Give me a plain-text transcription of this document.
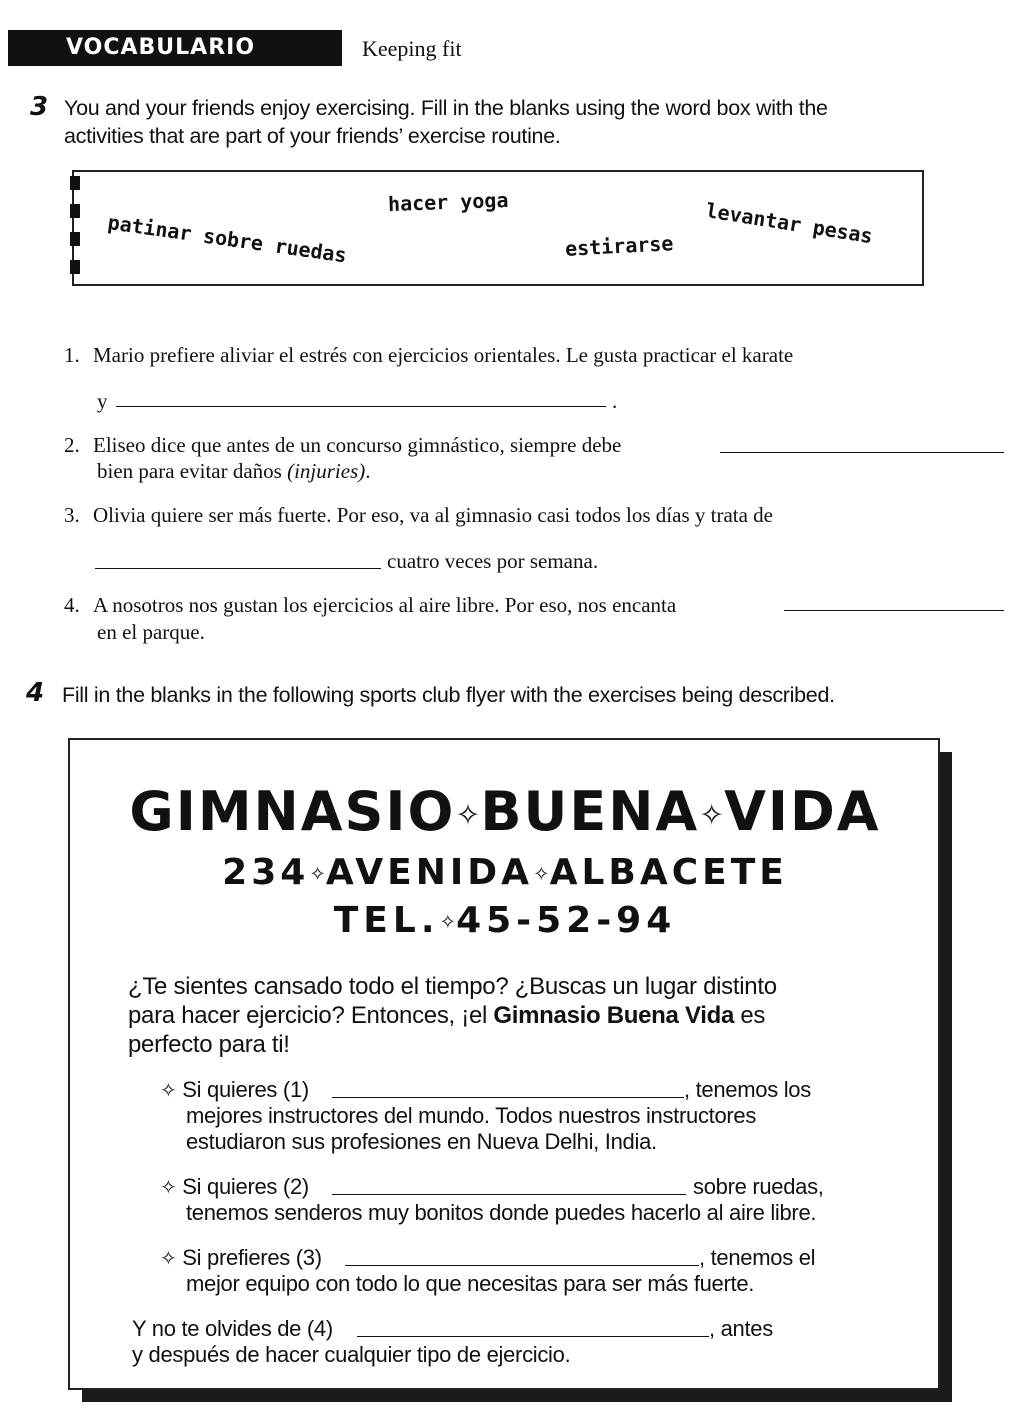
VOCABULARIO	Keeping fit
3 You and your friends enjoy exercising. Fill in the blanks using the word box with the
activities that are part of your friends’ exercise routine.
patinar sobre ruedas
hacer yoga	levantar pesas
estirarse
1. Mario prefiere aliviar el estrés con ejercicios orientales. Le gusta practicar el karate
y	.
2. Eliseo dice que antes de un concurso gimnástico, siempre debe
bien para evitar daños (injuries).
3. Olivia quiere ser más fuerte. Por eso, va al gimnasio casi todos los días y trata de
cuatro veces por semana.
4. A nosotros nos gustan los ejercicios al aire libre. Por eso, nos encanta
en el parque.
4 Fill in the blanks in the following sports club flyer with the exercises being described.
GIMNASIO✧BUENA✧VIDA
234✧AVENIDA✧ALBACETE
TEL.✧45-52-94
¿Te sientes cansado todo el tiempo? ¿Buscas un lugar distinto
para hacer ejercicio? Entonces, ¡el Gimnasio Buena Vida es
perfecto para ti!
✧ Si quieres (1)	, tenemos los
mejores instructores del mundo. Todos nuestros instructores
estudiaron sus profesiones en Nueva Delhi, India.
✧ Si quieres (2)	sobre ruedas,
tenemos senderos muy bonitos donde puedes hacerlo al aire libre.
✧ Si prefieres (3)	, tenemos el
mejor equipo con todo lo que necesitas para ser más fuerte.
Y no te olvides de (4)	, antes
y después de hacer cualquier tipo de ejercicio.
